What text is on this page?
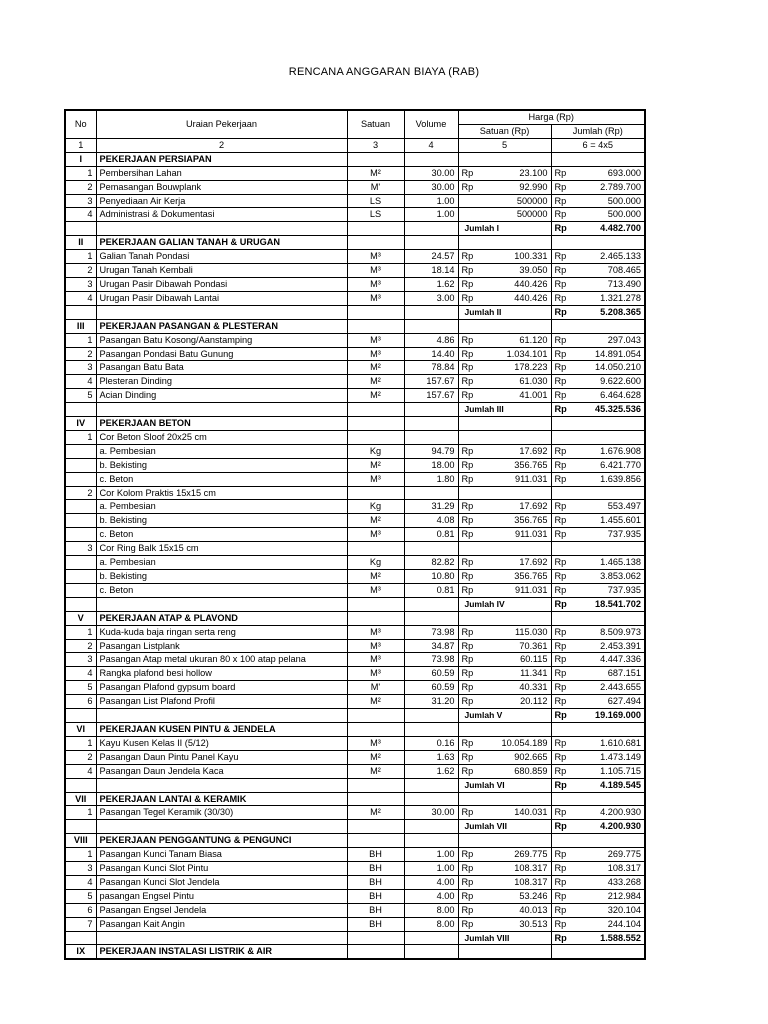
RENCANA ANGGARAN BIAYA (RAB)
No	Uraian Pekerjaan	Satuan	Volume	Harga (Rp)			
				Satuan (Rp)		Jumlah (Rp)	
1	2	3	4	5		6 = 4x5	
I	PEKERJAAN PERSIAPAN						
1	Pembersihan Lahan	M²	30.00	Rp	23.100	Rp	693.000
2	Pemasangan Bouwplank	M'	30.00	Rp	92.990	Rp	2.789.700
3	Penyediaan Air Kerja	LS	1.00		500000	Rp	500.000
4	Administrasi & Dokumentasi	LS	1.00		500000	Rp	500.000
				Jumlah I		Rp	4.482.700
II	PEKERJAAN GALIAN TANAH & URUGAN						
1	Galian Tanah Pondasi	M³	24.57	Rp	100.331	Rp	2.465.133
2	Urugan Tanah Kembali	M³	18.14	Rp	39.050	Rp	708.465
3	Urugan Pasir Dibawah Pondasi	M³	1.62	Rp	440.426	Rp	713.490
4	Urugan Pasir Dibawah Lantai	M³	3.00	Rp	440.426	Rp	1.321.278
				Jumlah II		Rp	5.208.365
III	PEKERJAAN PASANGAN & PLESTERAN						
1	Pasangan Batu Kosong/Aanstamping	M³	4.86	Rp	61.120	Rp	297.043
2	Pasangan Pondasi Batu Gunung	M³	14.40	Rp	1.034.101	Rp	14.891.054
3	Pasangan Batu Bata	M²	78.84	Rp	178.223	Rp	14.050.210
4	Plesteran Dinding	M²	157.67	Rp	61.030	Rp	9.622.600
5	Acian Dinding	M²	157.67	Rp	41.001	Rp	6.464.628
				Jumlah III		Rp	45.325.536
IV	PEKERJAAN BETON						
1	Cor Beton Sloof 20x25 cm						
	a. Pembesian	Kg	94.79	Rp	17.692	Rp	1.676.908
	b. Bekisting	M²	18.00	Rp	356.765	Rp	6.421.770
	c. Beton	M³	1.80	Rp	911.031	Rp	1.639.856
2	Cor Kolom Praktis 15x15 cm						
	a. Pembesian	Kg	31.29	Rp	17.692	Rp	553.497
	b. Bekisting	M²	4.08	Rp	356.765	Rp	1.455.601
	c. Beton	M³	0.81	Rp	911.031	Rp	737.935
3	Cor Ring Balk 15x15 cm						
	a. Pembesian	Kg	82.82	Rp	17.692	Rp	1.465.138
	b. Bekisting	M²	10.80	Rp	356.765	Rp	3.853.062
	c. Beton	M³	0.81	Rp	911.031	Rp	737.935
				Jumlah IV		Rp	18.541.702
V	PEKERJAAN ATAP & PLAVOND						
1	Kuda-kuda baja ringan serta reng	M³	73.98	Rp	115.030	Rp	8.509.973
2	Pasangan Listplank	M³	34.87	Rp	70.361	Rp	2.453.391
3	Pasangan Atap metal ukuran 80 x 100 atap pelana	M³	73.98	Rp	60.115	Rp	4.447.336
4	Rangka plafond besi hollow	M³	60.59	Rp	11.341	Rp	687.151
5	Pasangan Plafond gypsum board	M'	60.59	Rp	40.331	Rp	2.443.655
6	Pasangan List Plafond Profil	M²	31.20	Rp	20.112	Rp	627.494
				Jumlah V		Rp	19.169.000
VI	PEKERJAAN KUSEN PINTU & JENDELA						
1	Kayu Kusen Kelas II (5/12)	M³	0.16	Rp	10.054.189	Rp	1.610.681
2	Pasangan Daun Pintu Panel Kayu	M²	1.63	Rp	902.665	Rp	1.473.149
4	Pasangan Daun Jendela Kaca	M²	1.62	Rp	680.859	Rp	1.105.715
				Jumlah VI		Rp	4.189.545
VII	PEKERJAAN LANTAI & KERAMIK						
1	Pasangan Tegel Keramik (30/30)	M²	30.00	Rp	140.031	Rp	4.200.930
				Jumlah VII		Rp	4.200.930
VIII	PEKERJAAN PENGGANTUNG & PENGUNCI						
1	Pasangan Kunci Tanam Biasa	BH	1.00	Rp	269.775	Rp	269.775
3	Pasangan Kunci Slot Pintu	BH	1.00	Rp	108.317	Rp	108.317
4	Pasangan Kunci Slot Jendela	BH	4.00	Rp	108.317	Rp	433.268
5	pasangan Engsel Pintu	BH	4.00	Rp	53.246	Rp	212.984
6	Pasangan Engsel Jendela	BH	8.00	Rp	40.013	Rp	320.104
7	Pasangan Kait Angin	BH	8.00	Rp	30.513	Rp	244.104
				Jumlah VIII		Rp	1.588.552
IX	PEKERJAAN INSTALASI LISTRIK & AIR						
